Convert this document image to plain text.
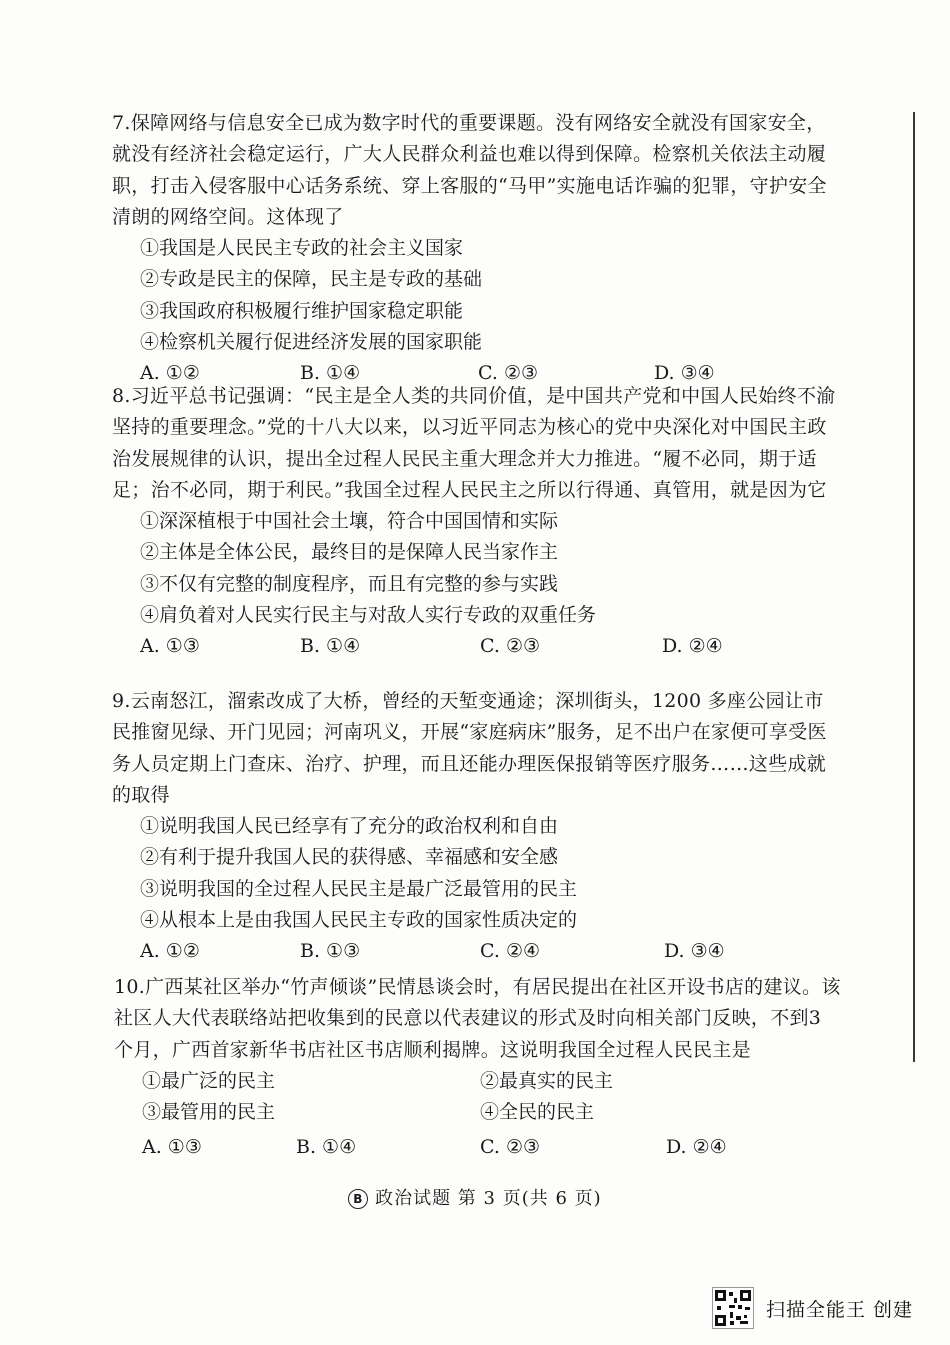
7.保障网络与信息安全已成为数字时代的重要课题。没有网络安全就没有国家安全，就没有经济社会稳定运行，广大人民群众利益也难以得到保障。检察机关依法主动履职，打击入侵客服中心话务系统、穿上客服的“马甲”实施电话诈骗的犯罪，守护安全清朗的网络空间。这体现了
①我国是人民民主专政的社会主义国家
②专政是民主的保障，民主是专政的基础
③我国政府积极履行维护国家稳定职能
④检察机关履行促进经济发展的国家职能
A. ①②	B. ①④	C. ②③	D. ③④
8.习近平总书记强调：“民主是全人类的共同价值，是中国共产党和中国人民始终不渝坚持的重要理念。”党的十八大以来，以习近平同志为核心的党中央深化对中国民主政治发展规律的认识，提出全过程人民民主重大理念并大力推进。“履不必同，期于适足；治不必同，期于利民。”我国全过程人民民主之所以行得通、真管用，就是因为它
①深深植根于中国社会土壤，符合中国国情和实际
②主体是全体公民，最终目的是保障人民当家作主
③不仅有完整的制度程序，而且有完整的参与实践
④肩负着对人民实行民主与对敌人实行专政的双重任务
A. ①③	B. ①④	C. ②③	D. ②④
9.云南怒江，溜索改成了大桥，曾经的天堑变通途；深圳街头，1200 多座公园让市民推窗见绿、开门见园；河南巩义，开展“家庭病床”服务，足不出户在家便可享受医务人员定期上门查床、治疗、护理，而且还能办理医保报销等医疗服务……这些成就的取得
①说明我国人民已经享有了充分的政治权利和自由
②有利于提升我国人民的获得感、幸福感和安全感
③说明我国的全过程人民民主是最广泛最管用的民主
④从根本上是由我国人民民主专政的国家性质决定的
A. ①②	B. ①③	C. ②④	D. ③④
10.广西某社区举办“竹声倾谈”民情恳谈会时，有居民提出在社区开设书店的建议。该社区人大代表联络站把收集到的民意以代表建议的形式及时向相关部门反映，不到3 个月，广西首家新华书店社区书店顺利揭牌。这说明我国全过程人民民主是
①最广泛的民主	②最真实的民主
③最管用的民主	④全民的民主
A. ①③	B. ①④	C. ②③	D. ②④
B 政治试题 第 3 页(共 6 页)
扫描全能王 创建
